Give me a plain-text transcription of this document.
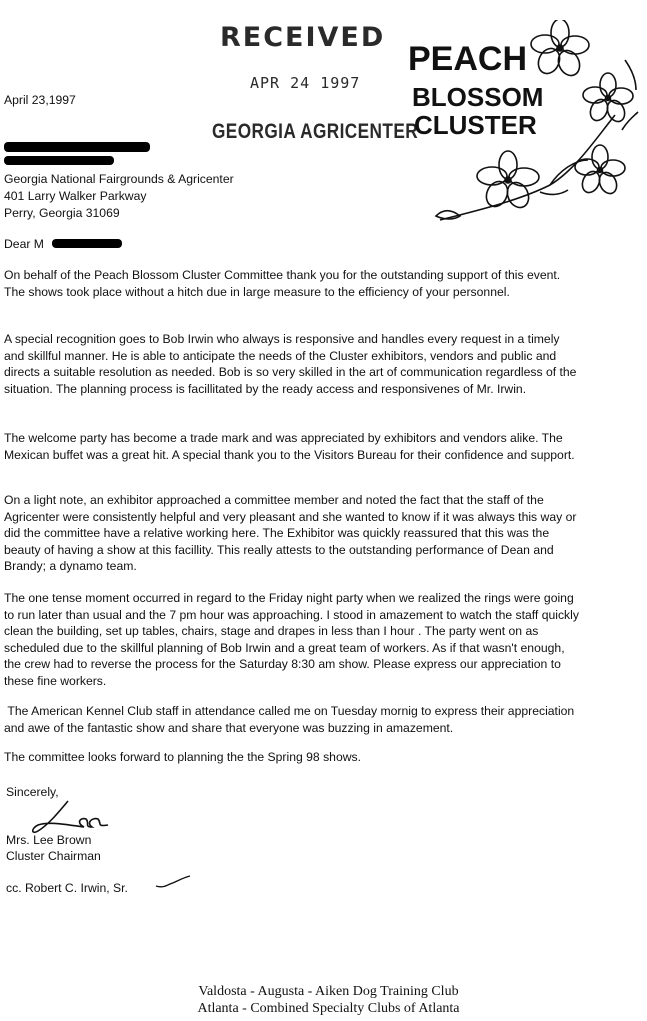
RECEIVED
APR 24 1997
GEORGIA AGRICENTER
PEACH
BLOSSOM
CLUSTER
April 23,1997
Georgia National Fairgrounds & Agricenter
401 Larry Walker Parkway
Perry, Georgia 31069
Dear M
On behalf of the Peach Blossom Cluster Committee thank you for the outstanding support of this event. The shows took place without a hitch due in large measure to the efficiency of your personnel.
A special recognition goes to Bob Irwin who always is responsive and handles every request in a timely and skillful manner. He is able to anticipate the needs of the Cluster exhibitors, vendors and public and directs a suitable resolution as needed. Bob is so very skilled in the art of communication regardless of the situation. The planning process is facillitated by the ready access and responsivenes of Mr. Irwin.
The welcome party has become a trade mark and was appreciated by exhibitors and vendors alike. The Mexican buffet was a great hit. A special thank you to the Visitors Bureau for their confidence and support.
On a light note, an exhibitor approached a committee member and noted the fact that the staff of the Agricenter were consistently helpful and very pleasant and she wanted to know if it was always this way or did the committee have a relative working here. The Exhibitor was quickly reassured that this was the beauty of having a show at this facillity. This really attests to the outstanding performance of Dean and Brandy; a dynamo team.
The one tense moment occurred in regard to the Friday night party when we realized the rings were going to run later than usual and the 7 pm hour was approaching. I stood in amazement to watch the staff quickly clean the building, set up tables, chairs, stage and drapes in less than I hour . The party went on as scheduled due to the skillful planning of Bob Irwin and a great team of workers. As if that wasn't enough, the crew had to reverse the process for the Saturday 8:30 am show. Please express our appreciation to these fine workers.
The American Kennel Club staff in attendance called me on Tuesday mornig to express their appreciation and awe of the fantastic show and share that everyone was buzzing in amazement.
The committee looks forward to planning the the Spring 98 shows.
Sincerely,
Mrs. Lee Brown
Cluster Chairman
cc. Robert C. Irwin, Sr.
Valdosta - Augusta - Aiken Dog Training Club
Atlanta - Combined Specialty Clubs of Atlanta
